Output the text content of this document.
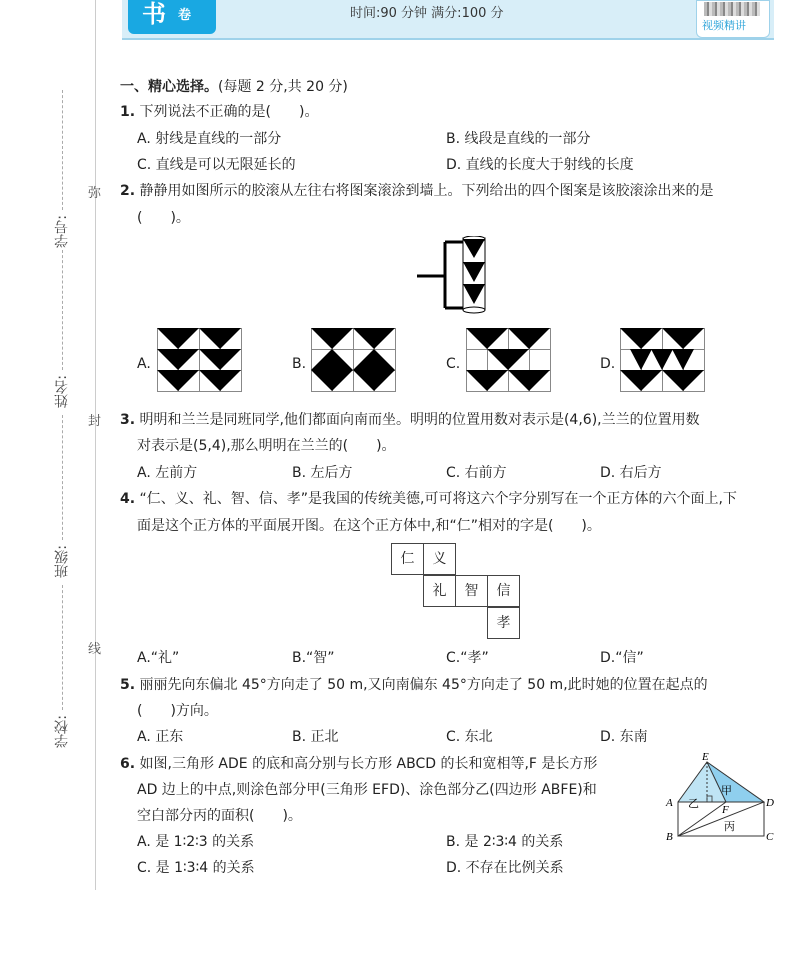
书 卷	时间:90 分钟 满分:100 分
视频精讲
学号:
姓名:
班级:
学校:
弥
封
线
一、精心选择。(每题 2 分,共 20 分)
1. 下列说法不正确的是(　　)。
A. 射线是直线的一部分	B. 线段是直线的一部分
C. 直线是可以无限延长的	D. 直线的长度大于射线的长度
2. 静静用如图所示的胶滚从左往右将图案滚涂到墙上。下列给出的四个图案是该胶滚涂出来的是
(　　)。
A.	B.	C.	D.
3. 明明和兰兰是同班同学,他们都面向南而坐。明明的位置用数对表示是(4,6),兰兰的位置用数
对表示是(5,4),那么明明在兰兰的(　　)。
A. 左前方	B. 左后方	C. 右前方	D. 右后方
4. “仁、义、礼、智、信、孝”是我国的传统美德,可可将这六个字分别写在一个正方体的六个面上,下
面是这个正方体的平面展开图。在这个正方体中,和“仁”相对的字是(　　)。
仁	义
礼	智	信
孝
A.“礼”	B.“智”	C.“孝”	D.“信”
5. 丽丽先向东偏北 45°方向走了 50 m,又向南偏东 45°方向走了 50 m,此时她的位置在起点的
(　　)方向。
A. 正东	B. 正北	C. 东北	D. 东南
6. 如图,三角形 ADE 的底和高分别与长方形 ABCD 的长和宽相等,F 是长方形
AD 边上的中点,则涂色部分甲(三角形 EFD)、涂色部分乙(四边形 ABFE)和
空白部分丙的面积(　　)。
A. 是 1∶2∶3 的关系	B. 是 2∶3∶4 的关系
C. 是 1∶3∶4 的关系	D. 不存在比例关系
E
A
B	C
D
F
甲
乙
丙
